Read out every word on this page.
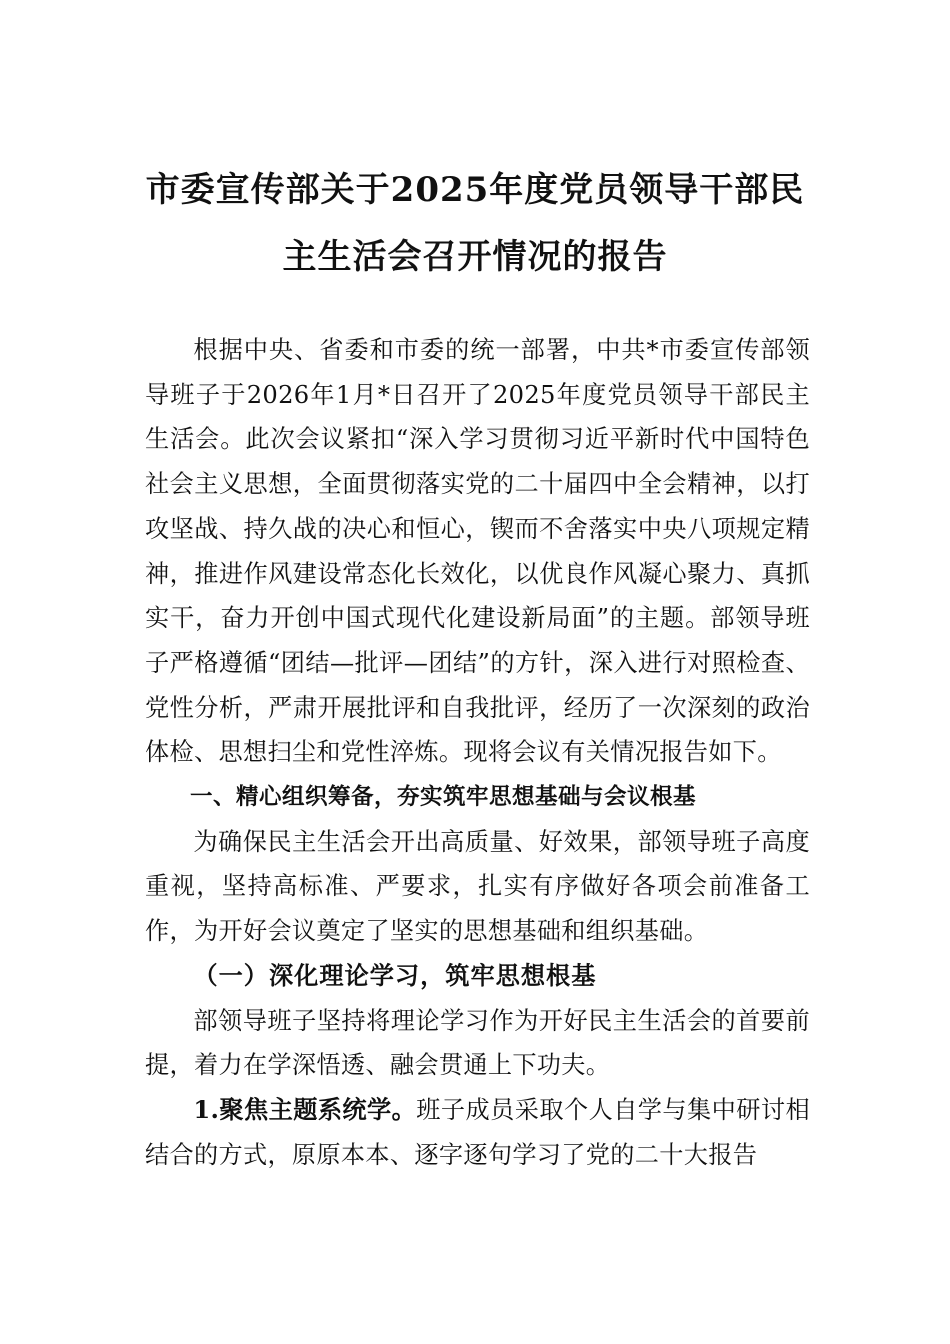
市委宣传部关于2025年度党员领导干部民
主生活会召开情况的报告

根据中央、省委和市委的统一部署，中共*市委宣传部领导班子于2026年1月*日召开了2025年度党员领导干部民主生活会。此次会议紧扣“深入学习贯彻习近平新时代中国特色社会主义思想，全面贯彻落实党的二十届四中全会精神，以打攻坚战、持久战的决心和恒心，锲而不舍落实中央八项规定精神，推进作风建设常态化长效化，以优良作风凝心聚力、真抓实干，奋力开创中国式现代化建设新局面”的主题。部领导班子严格遵循“团结—批评—团结”的方针，深入进行对照检查、党性分析，严肃开展批评和自我批评，经历了一次深刻的政治体检、思想扫尘和党性淬炼。现将会议有关情况报告如下。

一、精心组织筹备，夯实筑牢思想基础与会议根基

为确保民主生活会开出高质量、好效果，部领导班子高度重视，坚持高标准、严要求，扎实有序做好各项会前准备工作，为开好会议奠定了坚实的思想基础和组织基础。

（一）深化理论学习，筑牢思想根基

部领导班子坚持将理论学习作为开好民主生活会的首要前提，着力在学深悟透、融会贯通上下功夫。

1.聚焦主题系统学。班子成员采取个人自学与集中研讨相结合的方式，原原本本、逐字逐句学习了党的二十大报告
